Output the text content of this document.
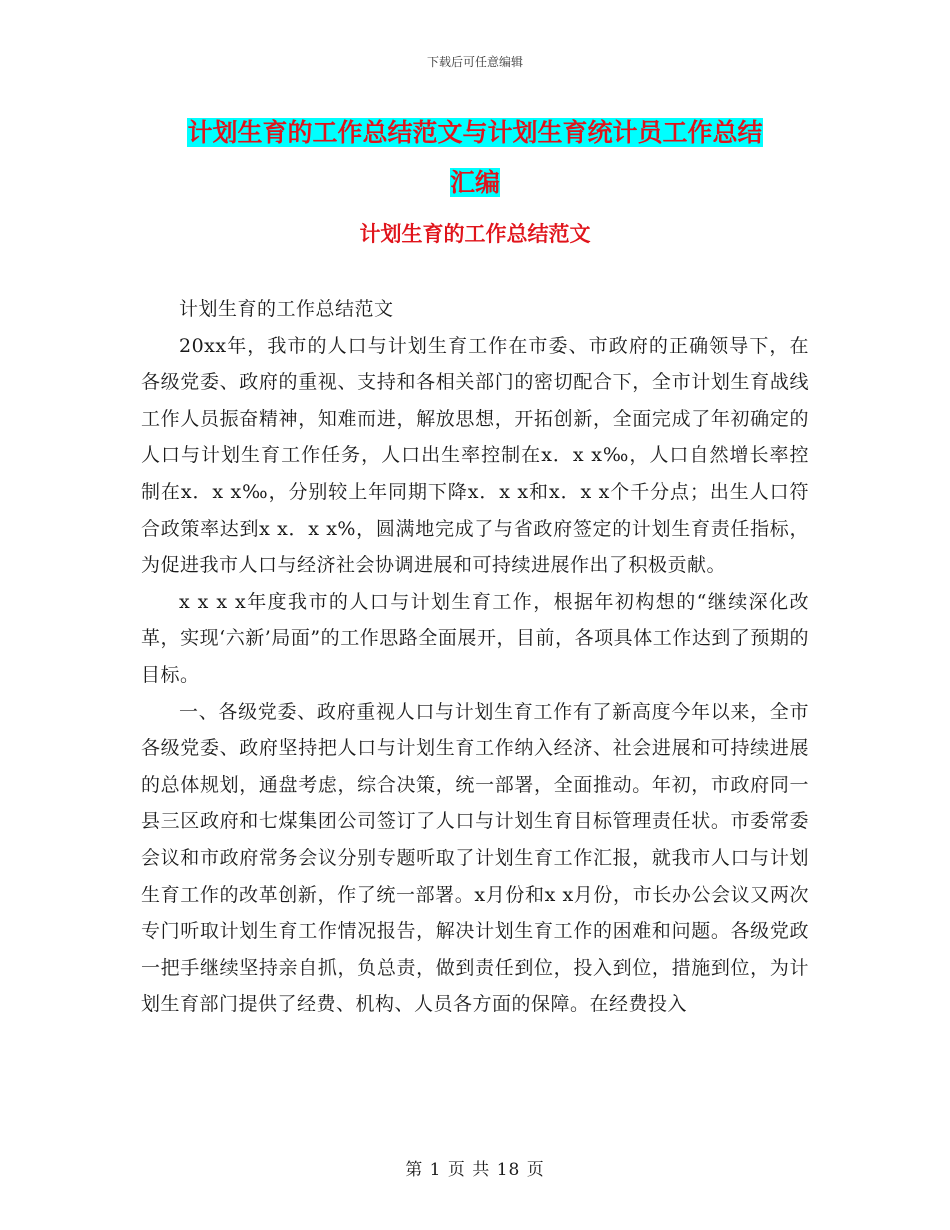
下载后可任意编辑
计划生育的工作总结范文与计划生育统计员工作总结
汇编
计划生育的工作总结范文

计划生育的工作总结范文

20xx年，我市的人口与计划生育工作在市委、市政府的正确领导下，在各级党委、政府的重视、支持和各相关部门的密切配合下，全市计划生育战线工作人员振奋精神，知难而进，解放思想，开拓创新，全面完成了年初确定的人口与计划生育工作任务，人口出生率控制在x．x x‰，人口自然增长率控制在x．x x‰，分别较上年同期下降x．x x和x．x x个千分点；出生人口符合政策率达到x x．x x%，圆满地完成了与省政府签定的计划生育责任指标，为促进我市人口与经济社会协调进展和可持续进展作出了积极贡献。

x x x x年度我市的人口与计划生育工作，根据年初构想的“继续深化改革，实现‘六新’局面”的工作思路全面展开，目前，各项具体工作达到了预期的目标。

一、各级党委、政府重视人口与计划生育工作有了新高度今年以来，全市各级党委、政府坚持把人口与计划生育工作纳入经济、社会进展和可持续进展的总体规划，通盘考虑，综合决策，统一部署，全面推动。年初，市政府同一县三区政府和七煤集团公司签订了人口与计划生育目标管理责任状。市委常委会议和市政府常务会议分别专题听取了计划生育工作汇报，就我市人口与计划生育工作的改革创新，作了统一部署。x月份和x x月份，市长办公会议又两次专门听取计划生育工作情况报告，解决计划生育工作的困难和问题。各级党政一把手继续坚持亲自抓，负总责，做到责任到位，投入到位，措施到位，为计划生育部门提供了经费、机构、人员各方面的保障。在经费投入

第 1 页 共 18 页
